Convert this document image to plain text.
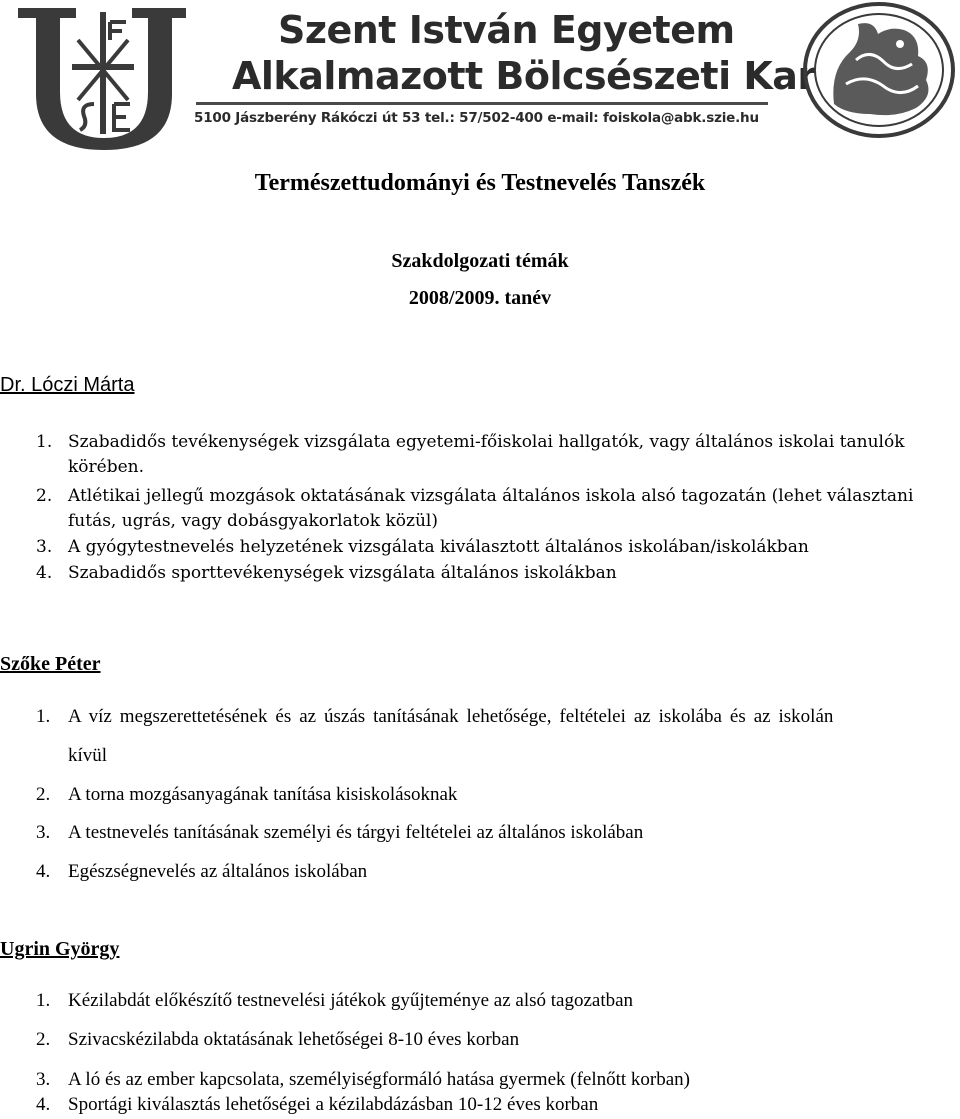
Szent István Egyetem
Alkalmazott Bölcsészeti Kar
5100 Jászberény Rákóczi út 53 tel.: 57/502-400 e-mail: foiskola@abk.szie.hu
Természettudományi és Testnevelés Tanszék
Szakdolgozati témák
2008/2009. tanév
Dr. Lóczi Márta
1. Szabadidős tevékenységek vizsgálata egyetemi-főiskolai hallgatók, vagy általános iskolai tanulók
körében.
2. Atlétikai jellegű mozgások oktatásának vizsgálata általános iskola alsó tagozatán (lehet választani
futás, ugrás, vagy dobásgyakorlatok közül)
3. A gyógytestnevelés helyzetének vizsgálata kiválasztott általános iskolában/iskolákban
4. Szabadidős sporttevékenységek vizsgálata általános iskolákban
Szőke Péter
1. A víz megszerettetésének és az úszás tanításának lehetősége, feltételei az iskolába és az iskolán
kívül
2. A torna mozgásanyagának tanítása kisiskolásoknak
3. A testnevelés tanításának személyi és tárgyi feltételei az általános iskolában
4. Egészségnevelés az általános iskolában
Ugrin György
1. Kézilabdát előkészítő testnevelési játékok gyűjteménye az alsó tagozatban
2. Szivacskézilabda oktatásának lehetőségei 8-10 éves korban
3. A ló és az ember kapcsolata, személyiségformáló hatása gyermek (felnőtt korban)
4. Sportági kiválasztás lehetőségei a kézilabdázásban 10-12 éves korban
